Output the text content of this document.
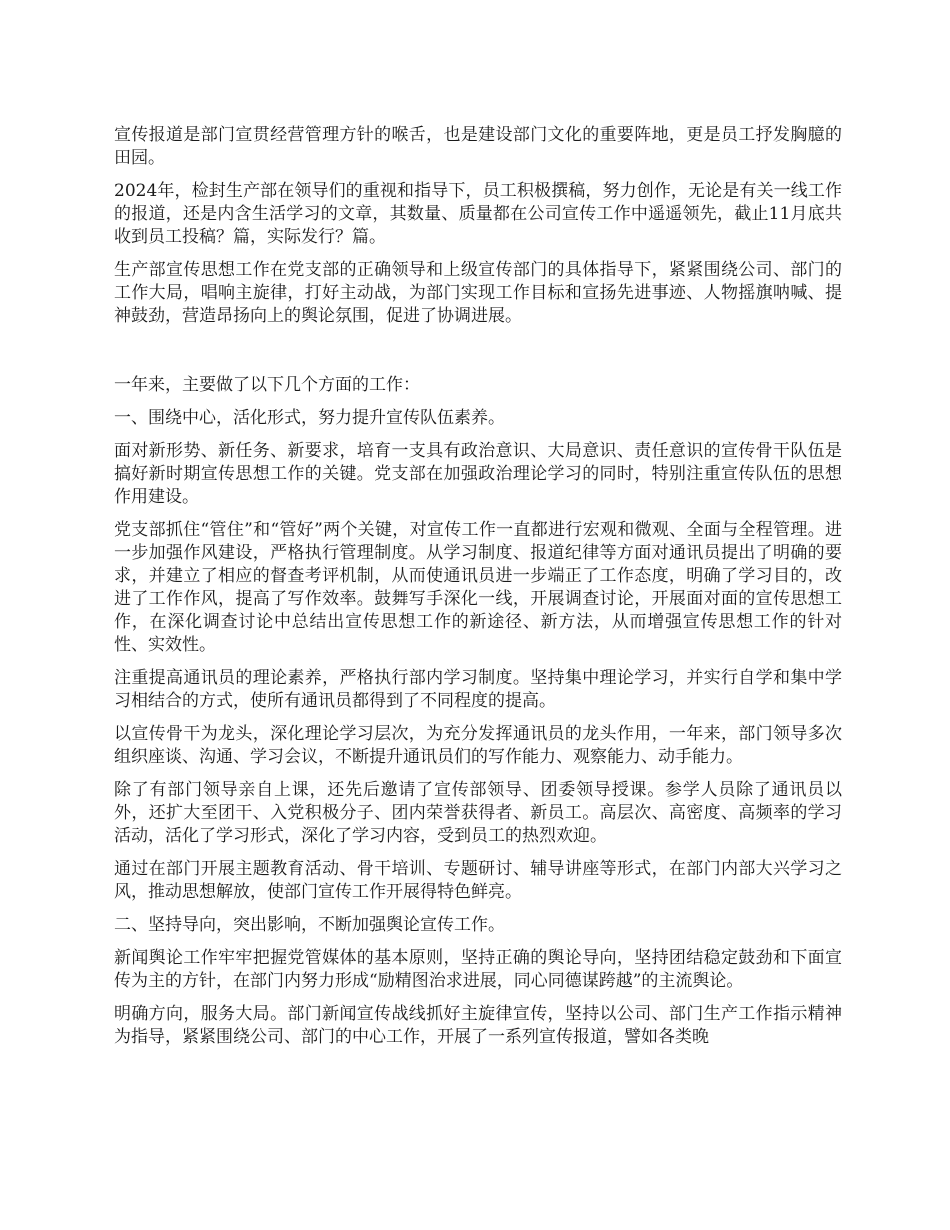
宣传报道是部门宣贯经营管理方针的喉舌，也是建设部门文化的重要阵地，更是员工抒发胸臆的田园。

2024年，检封生产部在领导们的重视和指导下，员工积极撰稿，努力创作，无论是有关一线工作的报道，还是内含生活学习的文章，其数量、质量都在公司宣传工作中遥遥领先，截止11月底共收到员工投稿？篇，实际发行？篇。

生产部宣传思想工作在党支部的正确领导和上级宣传部门的具体指导下，紧紧围绕公司、部门的工作大局，唱响主旋律，打好主动战，为部门实现工作目标和宣扬先进事迹、人物摇旗呐喊、提神鼓劲，营造昂扬向上的舆论氛围，促进了协调进展。

一年来，主要做了以下几个方面的工作：

一、围绕中心，活化形式，努力提升宣传队伍素养。

面对新形势、新任务、新要求，培育一支具有政治意识、大局意识、责任意识的宣传骨干队伍是搞好新时期宣传思想工作的关键。党支部在加强政治理论学习的同时，特别注重宣传队伍的思想作用建设。

党支部抓住“管住”和“管好”两个关键，对宣传工作一直都进行宏观和微观、全面与全程管理。进一步加强作风建设，严格执行管理制度。从学习制度、报道纪律等方面对通讯员提出了明确的要求，并建立了相应的督查考评机制，从而使通讯员进一步端正了工作态度，明确了学习目的，改进了工作作风，提高了写作效率。鼓舞写手深化一线，开展调查讨论，开展面对面的宣传思想工作，在深化调查讨论中总结出宣传思想工作的新途径、新方法，从而增强宣传思想工作的针对性、实效性。

注重提高通讯员的理论素养，严格执行部内学习制度。坚持集中理论学习，并实行自学和集中学习相结合的方式，使所有通讯员都得到了不同程度的提高。

以宣传骨干为龙头，深化理论学习层次，为充分发挥通讯员的龙头作用，一年来，部门领导多次组织座谈、沟通、学习会议，不断提升通讯员们的写作能力、观察能力、动手能力。

除了有部门领导亲自上课，还先后邀请了宣传部领导、团委领导授课。参学人员除了通讯员以外，还扩大至团干、入党积极分子、团内荣誉获得者、新员工。高层次、高密度、高频率的学习活动，活化了学习形式，深化了学习内容，受到员工的热烈欢迎。

通过在部门开展主题教育活动、骨干培训、专题研讨、辅导讲座等形式，在部门内部大兴学习之风，推动思想解放，使部门宣传工作开展得特色鲜亮。

二、坚持导向，突出影响，不断加强舆论宣传工作。

新闻舆论工作牢牢把握党管媒体的基本原则，坚持正确的舆论导向，坚持团结稳定鼓劲和下面宣传为主的方针，在部门内努力形成“励精图治求进展，同心同德谋跨越”的主流舆论。

明确方向，服务大局。部门新闻宣传战线抓好主旋律宣传，坚持以公司、部门生产工作指示精神为指导，紧紧围绕公司、部门的中心工作，开展了一系列宣传报道，譬如各类晚
